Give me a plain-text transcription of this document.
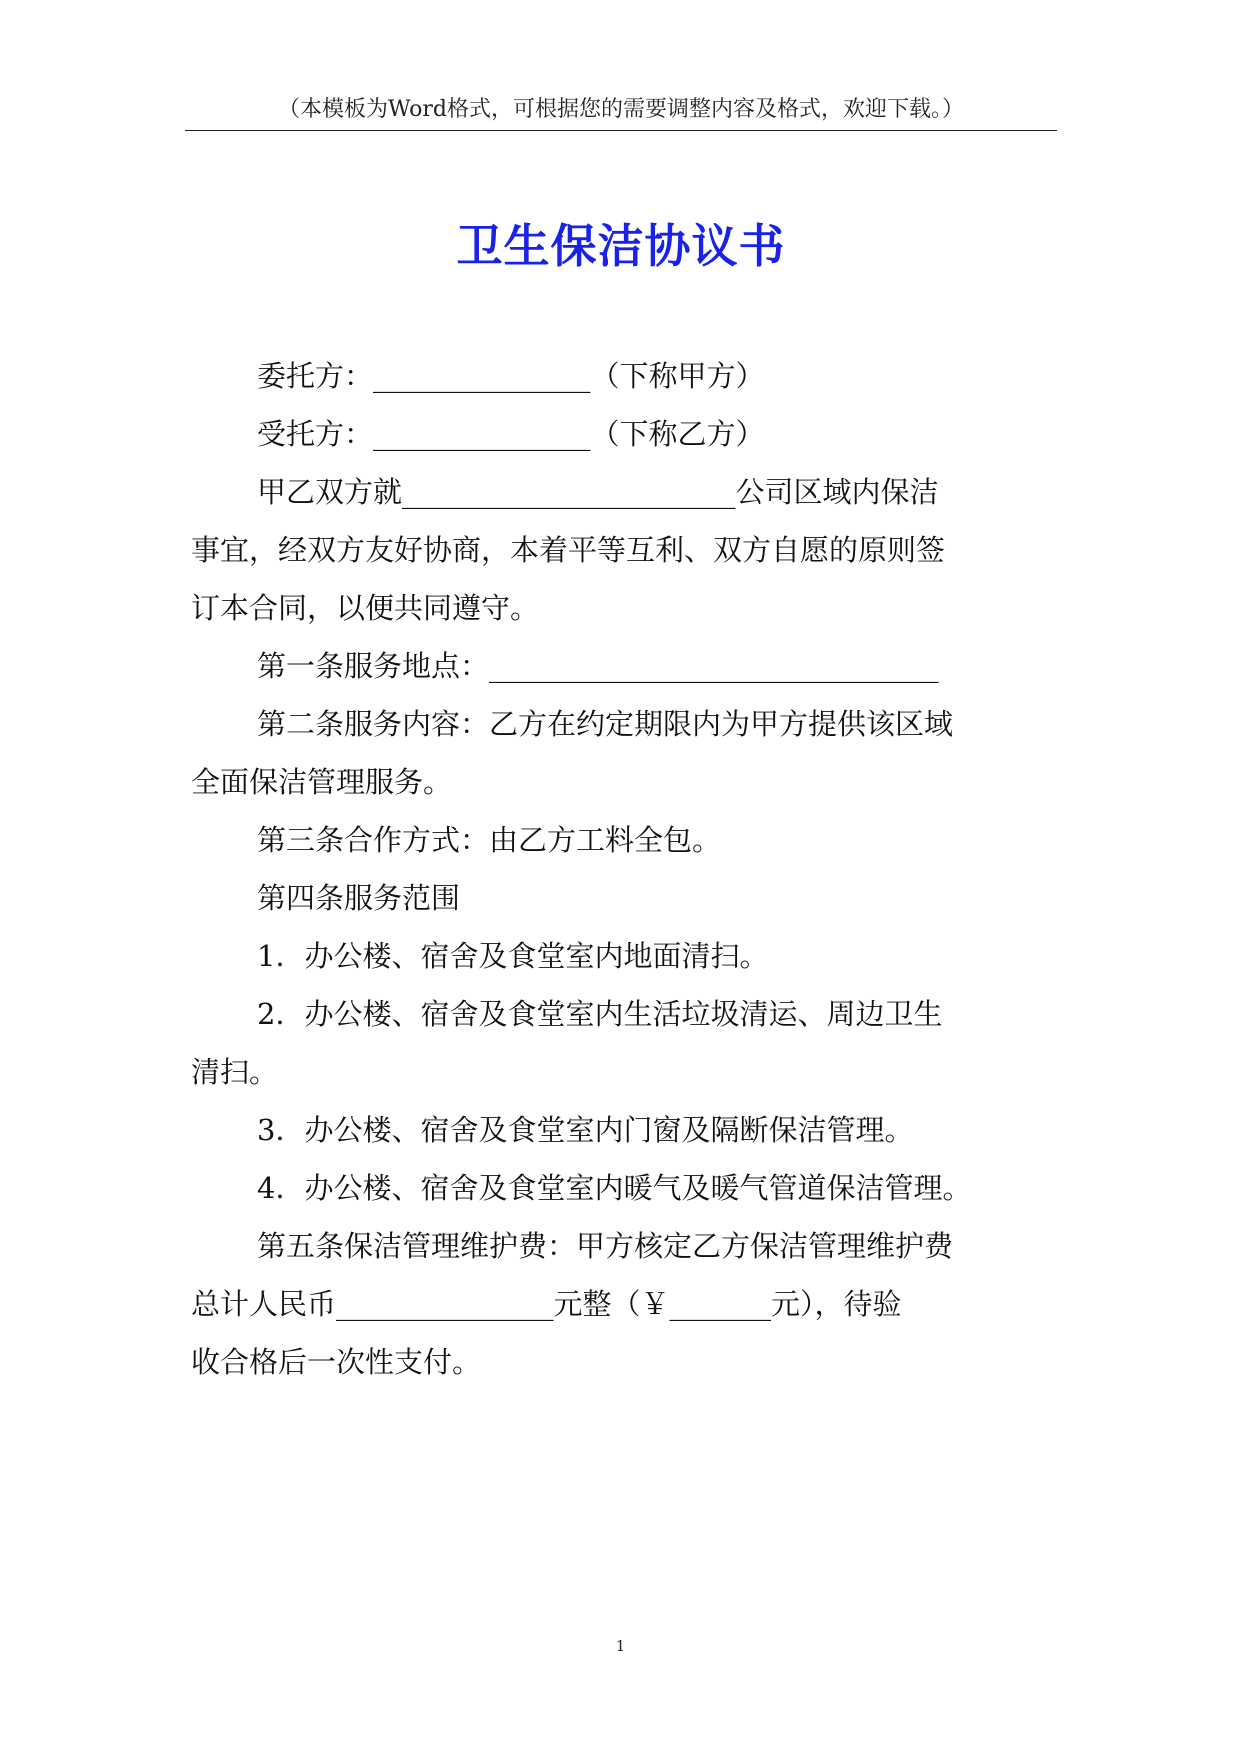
（本模板为Word格式，可根据您的需要调整内容及格式，欢迎下载。）
卫生保洁协议书
委托方：_______________（下称甲方）
受托方：_______________（下称乙方）
甲乙双方就_______________________公司区域内保洁
事宜，经双方友好协商，本着平等互利、双方自愿的原则签
订本合同，以便共同遵守。
第一条服务地点：_______________________________
第二条服务内容：乙方在约定期限内为甲方提供该区域
全面保洁管理服务。
第三条合作方式：由乙方工料全包。
第四条服务范围
1．办公楼、宿舍及食堂室内地面清扫。
2．办公楼、宿舍及食堂室内生活垃圾清运、周边卫生
清扫。
3．办公楼、宿舍及食堂室内门窗及隔断保洁管理。
4．办公楼、宿舍及食堂室内暖气及暖气管道保洁管理。
第五条保洁管理维护费：甲方核定乙方保洁管理维护费
总计人民币_______________元整（￥_______元），待验
收合格后一次性支付。
1
